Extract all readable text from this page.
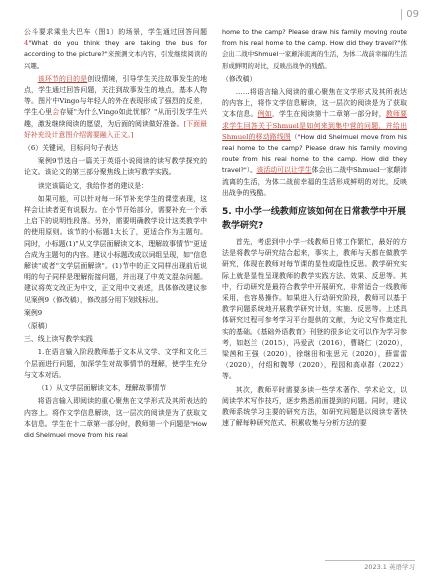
09

公斗要求乘坐大巴车（图1）的场景，学生通过回答问题4"What do you think they are taking the bus for according to the picture?"来预测文本内容，引发继续阅读的兴趣。

该环节的目的是创设情境，引导学生关注故事发生的地点，学生通过回答问题，关注到故事发生的地点，基本人物等。图片中Vingo与年轻人的外在表现形成了强烈的反差，学生心里会存疑"为什么Vingo如此忧郁？"从而引发学生兴趣，激发继续阅读的愿望，为后面的阅读做好准备。[下面最好补充设计意图介绍需要融入正文。]

（6）关键词，目标问句子表达

案例9节选自一篇关于英语小说阅读的读写教学探究的论文。该论文的第三部分聚焦线上读写教学实践。

读完该篇论文，我给作者的建议是：

如果可能，可以针对每一环节补充学生的课堂表现，这样会让读者更有说服力。在小节开始部分，需要补充一个承上启下的说明性段落。另外，需要明确教学设计这类教学中的使用原则。该节的小标题1太长了，更适合作为主题句。同时，小标题(1)"从文学层面解读文本，理解故事情节"更适合成为主题句的内容。建议小标题改成以词组呈现，如"信息解读"或者"文学层面解读"。(1)节中的正文同样出现前后说明的句子同样是理解衔接问题，并出现了中英文混杂问题。建议将英文改正为中文，正文用中文表述，具体修改建议参见案例9（修改稿），修改部分用下划线标出。

案例9

（原稿）

三、线上读写教学实践

1.在语言输入阶段教师基于文本从文学、文学和文化三个层面进行问题，加深学生对故事情节的理解，使学生充分与文本对话。

（1）从文学层面解读文本，理解故事情节

将语言输入即阅读的重心聚焦在文学形式及其所表达的内容上。将作文学信息解读，这一层次的阅读是为了获取文本信息。学生在十二章第一部分时，教师第一个问题是"How did Shelmuel move from his real

home to the camp? Please draw his family moving route from his real home to the camp. How did they travel?"体会出二战中Shmuel一家颠沛流离的生活，为体二战前幸福的生活形成鲜明的对比，反映出战争的残酷。

（修改稿）

……将语言输入阅读的重心聚焦在文学形式及其所表达的内容上，将作文学信息解读，这一层次的阅读是为了获取文本信息。例如，学生在阅读第十二章第一部分时，教师要求学生回答关于Shmuel是如何来到集中营的问题，并给出Shmuel的移动路线图（"How did Shelmuel move from his real home to the camp? Please draw his family moving route from his real home to the camp. How did they travel?"）。该活动可以让学生体会出二战中Shmuel一家颠沛流离的生活，为体二战前幸福的生活形成鲜明的对比，反映出战争的残酷。

5. 中小学一线教师应该如何在日常教学中开展教学研究?

首先，考虑到中小学一线教师日常工作繁忙，最好的方法是将教学与研究结合起来，事实上，教师与天都在做教学研究，体现在教师对每节课的显性或隐性反思。教学研究实际上就是显性呈现教师的教学实践方法、效果、反思等。其中，行动研究是最符合教学中开展研究，非常适合一线教师采用，也容易操作。如果进入行动研究阶段，教师可以基于教学问题系统地开展教学研究计划，实施、反思等。上述具体研究过程可参考学习平台提供的文献，为论文写作奠定扎实的基础。《基础外语教育》刊登的很多论文可以作为学习参考，如赵兰（2015），冯爱武（2016），曹晓仁（2020），梁茜和王强（2020），徐继田和张思元（2020），薛雷雷（2020），付绍和魏琴（2020），程园和高卓群（2022）等。

其次，教师平时需要多读一些学术著作、学术论文，以阅读学术写作技巧，逐步熟悉前面提到的问题。同时，建议教师系统学习主要的研究方法，如研究问题是以阅读专著快速了解每种研究范式、积累收集与分析方法的要

2023.1 英语学习
